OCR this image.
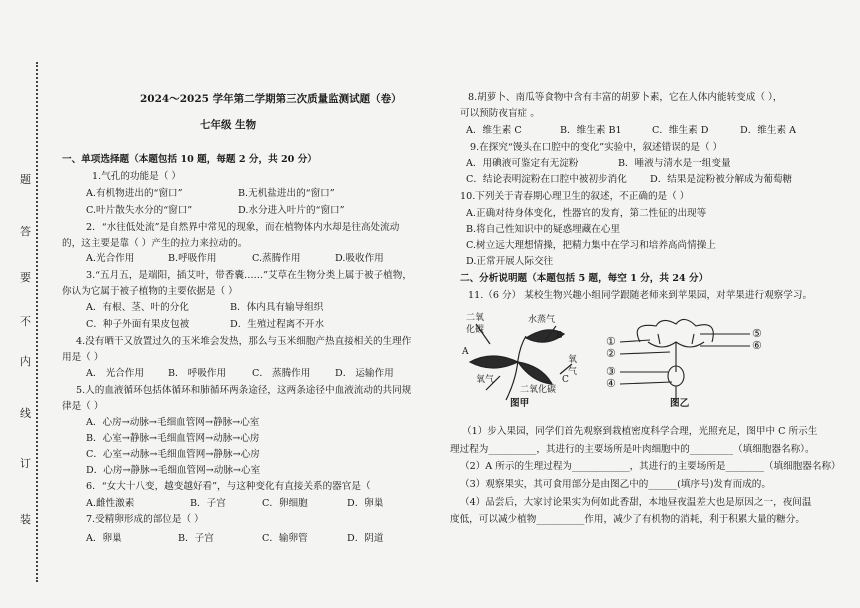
题
答
要
不
内
线
订
装
2024～2025 学年第二学期第三次质量监测试题（卷）
七年级 生物
一、单项选择题（本题包括 10 题，每题 2 分，共 20 分）
1.气孔的功能是（ ）
A.有机物进出的“窗口”	B.无机盐进出的“窗口”
C.叶片散失水分的“窗口”	D.水分进入叶片的“窗口”
2．“水往低处流”是自然界中常见的现象，而在植物体内水却是往高处流动
的，这主要是靠（ ）产生的拉力来拉动的。
A.光合作用	B.呼吸作用	C.蒸腾作用	D.吸收作用
3.“五月五，是端阳，插艾叶，带香囊……”艾草在生物分类上属于被子植物，
你认为它属于被子植物的主要依据是（ ）
A．有根、茎、叶的分化	B．体内具有输导组织
C．种子外面有果皮包被	D．生殖过程离不开水
4.没有晒干又放置过久的玉米堆会发热，那么与玉米细胞产热直接相关的生理作
用是（ ）
A． 光合作用	B． 呼吸作用	C． 蒸腾作用	D． 运输作用
5.人的血液循环包括体循环和肺循环两条途径，这两条途径中血液流动的共同规
律是（ ）
A．心房→动脉→毛细血管网→静脉→心室
B．心室→静脉→毛细血管网→动脉→心房
C．心室→动脉→毛细血管网→静脉→心房
D．心房→静脉→毛细血管网→动脉→心室
6．“女大十八变，越变越好看”，与这种变化有直接关系的器官是（
A.雌性激素	B．子宫	C．卵细胞	D．卵巢
7.受精卵形成的部位是（ ）
A．卵巢	B．子宫	C．输卵管	D．阴道
8.胡萝卜、南瓜等食物中含有丰富的胡萝卜素，它在人体内能转变成（ ），
可以预防夜盲症 。
A．维生素 C	B．维生素 B1	C．维生素 D	D．维生素 A
9.在探究“馒头在口腔中的变化”实验中，叙述错误的是（ ）
A．用碘液可鉴定有无淀粉	B．唾液与清水是一组变量
C．结论表明淀粉在口腔中被初步消化 D．结果是淀粉被分解成为葡萄糖
10.下列关于青春期心理卫生的叙述，不正确的是（ ）
A.正确对待身体变化，性器官的发育，第二性征的出现等
B.将自己性知识中的疑惑埋藏在心里
C.树立远大理想情操，把精力集中在学习和培养高尚情操上
D.正常开展人际交往
二、分析说明题（本题包括 5 题，每空 1 分，共 24 分）
11.（6 分） 某校生物兴趣小组同学跟随老师来到苹果园，对苹果进行观察学习。
二氧
化碳
水蒸气
B
A
氧气
氧
气
二氧化碳
C
图甲
①
②
③
④
⑤
⑥
图乙
（1）步入果园，同学们首先观察到栽植密度科学合理，光照充足，图甲中 C 所示生
理过程为__________，其进行的主要场所是叶肉细胞中的_________（填细胞器名称）。
（2）A 所示的生理过程为____________，其进行的主要场所是________（填细胞器名称）
（3）观察果实，其可食用部分是由图乙中的______(填序号)发育而成的。
（4）品尝后，大家讨论果实为何如此香甜，本地昼夜温差大也是原因之一，夜间温
度低，可以减少植物__________作用，减少了有机物的消耗，利于积累大量的糖分。
